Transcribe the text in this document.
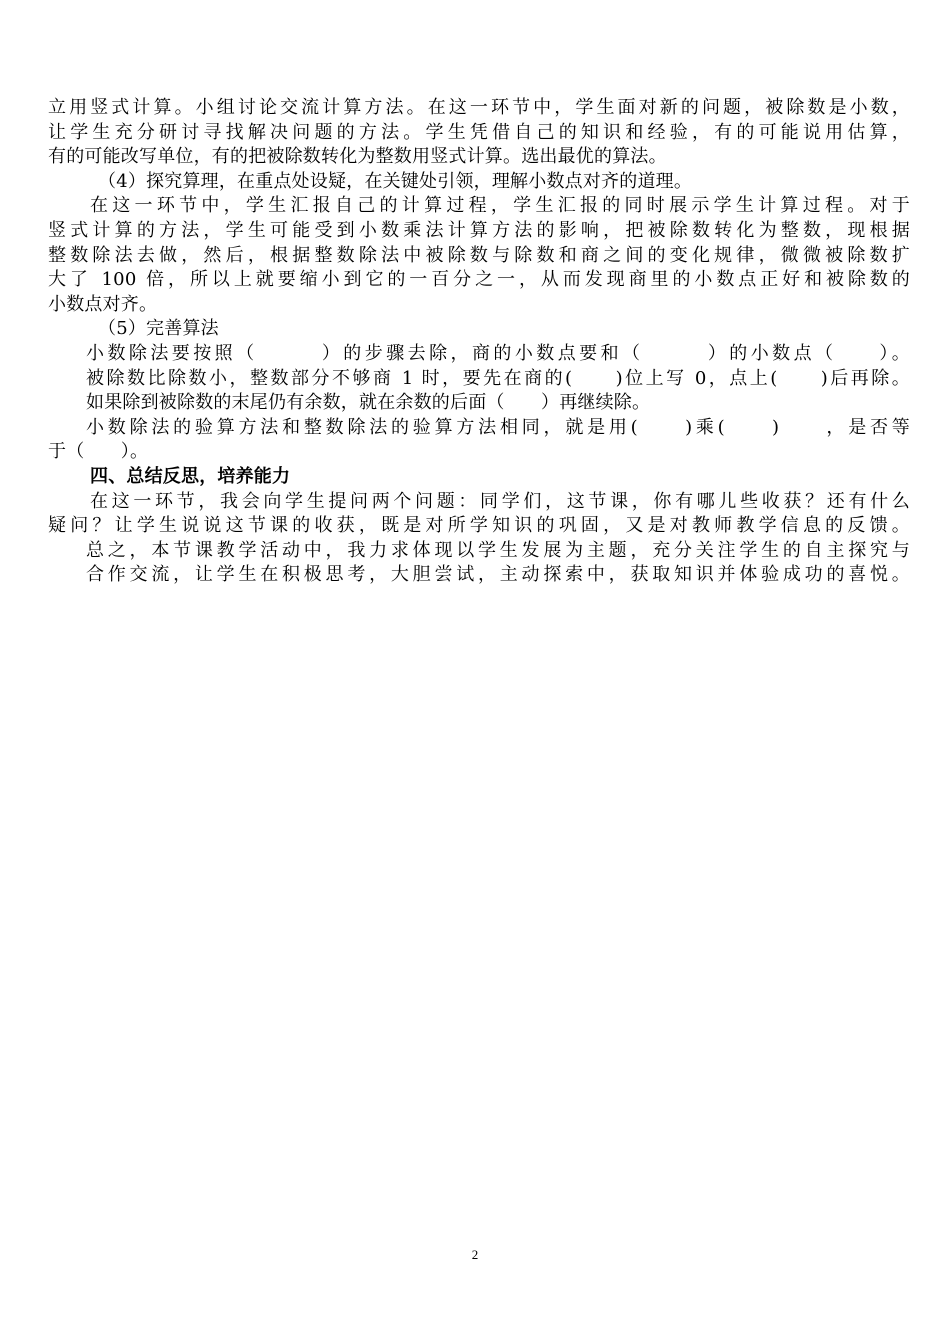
立用竖式计算。小组讨论交流计算方法。在这一环节中，学生面对新的问题，被除数是小数，
让学生充分研讨寻找解决问题的方法。学生凭借自己的知识和经验，有的可能说用估算，
有的可能改写单位，有的把被除数转化为整数用竖式计算。选出最优的算法。
（4）探究算理，在重点处设疑，在关键处引领，理解小数点对齐的道理。
在这一环节中，学生汇报自己的计算过程，学生汇报的同时展示学生计算过程。对于
竖式计算的方法，学生可能受到小数乘法计算方法的影响，把被除数转化为整数，现根据
整数除法去做，然后，根据整数除法中被除数与除数和商之间的变化规律，微微被除数扩
大了 100 倍，所以上就要缩小到它的一百分之一，从而发现商里的小数点正好和被除数的
小数点对齐。
（5）完善算法
小数除法要按照（　　　）的步骤去除，商的小数点要和（　　　）的小数点（　　）。
被除数比除数小，整数部分不够商 1 时，要先在商的(　　)位上写 0，点上(　　)后再除。
如果除到被除数的末尾仍有余数，就在余数的后面（　　）再继续除。
小数除法的验算方法和整数除法的验算方法相同，就是用(　　)乘(　　)　　，是否等
于（　　）。
四、总结反思，培养能力
在这一环节，我会向学生提问两个问题：同学们，这节课，你有哪儿些收获？还有什么
疑问？让学生说说这节课的收获，既是对所学知识的巩固，又是对教师教学信息的反馈。
总之，本节课教学活动中，我力求体现以学生发展为主题，充分关注学生的自主探究与
合作交流，让学生在积极思考，大胆尝试，主动探索中，获取知识并体验成功的喜悦。
2
